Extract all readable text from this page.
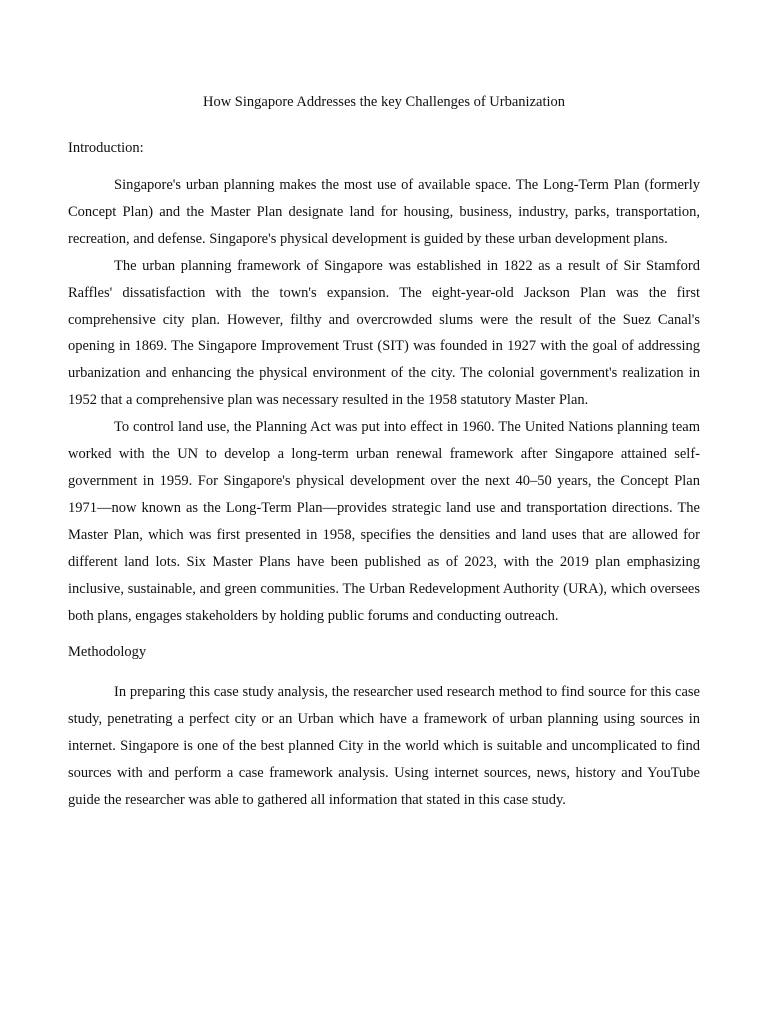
How Singapore Addresses the key Challenges of Urbanization
Introduction:

Singapore's urban planning makes the most use of available space. The Long-Term Plan (formerly Concept Plan) and the Master Plan designate land for housing, business, industry, parks, transportation, recreation, and defense. Singapore's physical development is guided by these urban development plans.

The urban planning framework of Singapore was established in 1822 as a result of Sir Stamford Raffles' dissatisfaction with the town's expansion. The eight-year-old Jackson Plan was the first comprehensive city plan. However, filthy and overcrowded slums were the result of the Suez Canal's opening in 1869. The Singapore Improvement Trust (SIT) was founded in 1927 with the goal of addressing urbanization and enhancing the physical environment of the city. The colonial government's realization in 1952 that a comprehensive plan was necessary resulted in the 1958 statutory Master Plan.

To control land use, the Planning Act was put into effect in 1960. The United Nations planning team worked with the UN to develop a long-term urban renewal framework after Singapore attained self-government in 1959. For Singapore's physical development over the next 40–50 years, the Concept Plan 1971—now known as the Long-Term Plan—provides strategic land use and transportation directions. The Master Plan, which was first presented in 1958, specifies the densities and land uses that are allowed for different land lots. Six Master Plans have been published as of 2023, with the 2019 plan emphasizing inclusive, sustainable, and green communities. The Urban Redevelopment Authority (URA), which oversees both plans, engages stakeholders by holding public forums and conducting outreach.

Methodology

In preparing this case study analysis, the researcher used research method to find source for this case study, penetrating a perfect city or an Urban which have a framework of urban planning using sources in internet. Singapore is one of the best planned City in the world which is suitable and uncomplicated to find sources with and perform a case framework analysis. Using internet sources, news, history and YouTube guide the researcher was able to gathered all information that stated in this case study.
